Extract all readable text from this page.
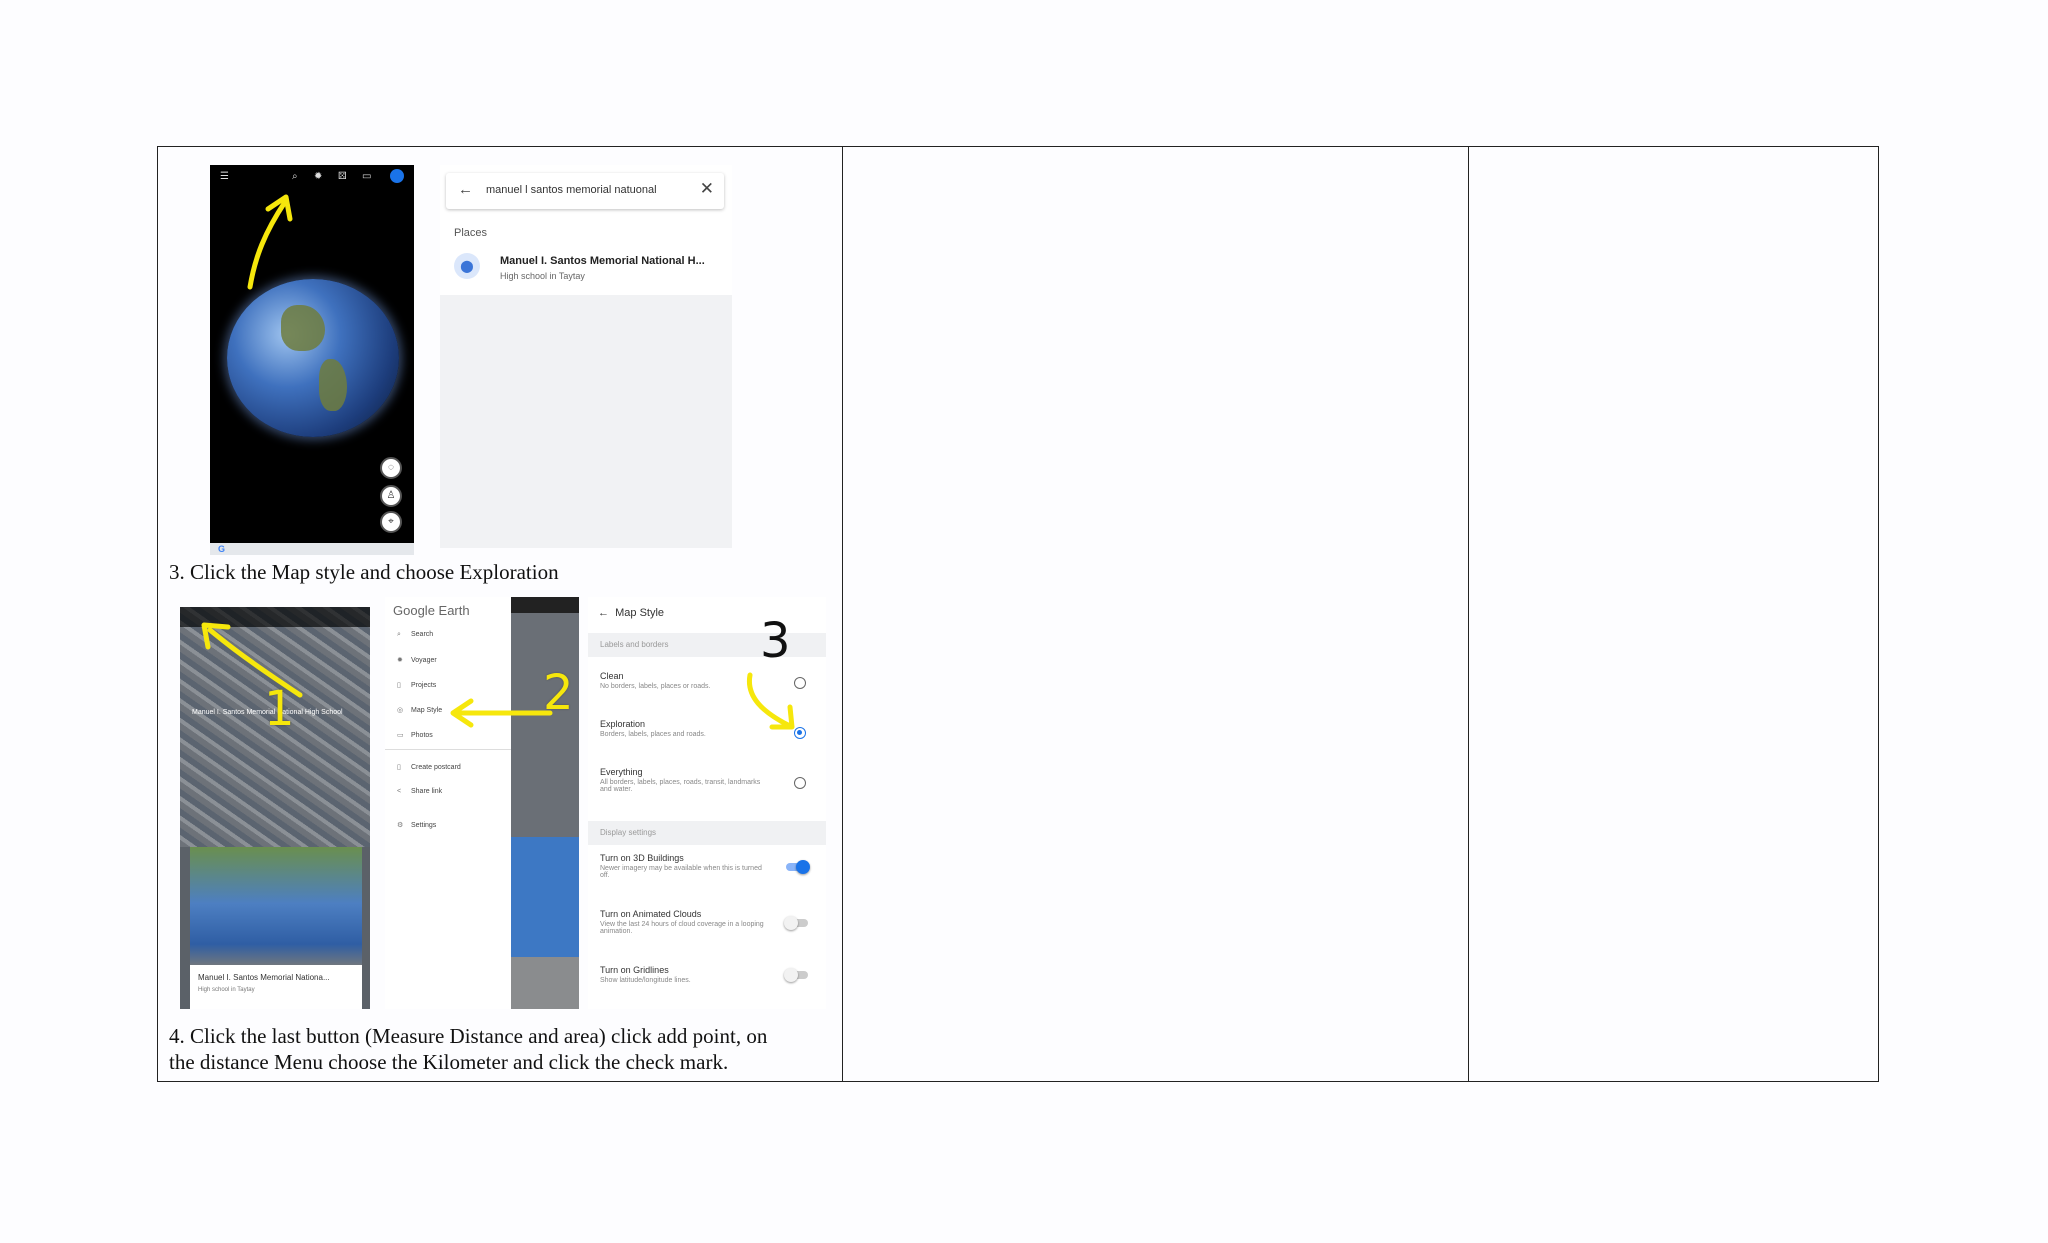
☰	⌕ ✹ ⚄ ▭
◌
♙
⌖
G
← manuel l santos memorial natuonal	✕
Places
⬤	Manuel I. Santos Memorial National H...
High school in Taytay
3. Click the Map style and choose Exploration
Manuel I. Santos Memorial National High School
Manuel I. Santos Memorial Nationa...
High school in Taytay
1
Google Earth
⌕ Search
✹ Voyager
▯ Projects
◎ Map Style
▭ Photos
▯ Create postcard
< Share link
⚙ Settings
2
←  Map Style
Labels and borders
Clean
No borders, labels, places or roads.
Exploration
Borders, labels, places and roads.
Everything
All borders, labels, places, roads, transit, landmarks and water.
Display settings
Turn on 3D Buildings
Newer imagery may be available when this is turned off.
Turn on Animated Clouds
View the last 24 hours of cloud coverage in a looping animation.
Turn on Gridlines
Show latitude/longitude lines.
3
4. Click the last button (Measure Distance and area) click add point, on
the distance Menu choose the Kilometer and click the check mark.
